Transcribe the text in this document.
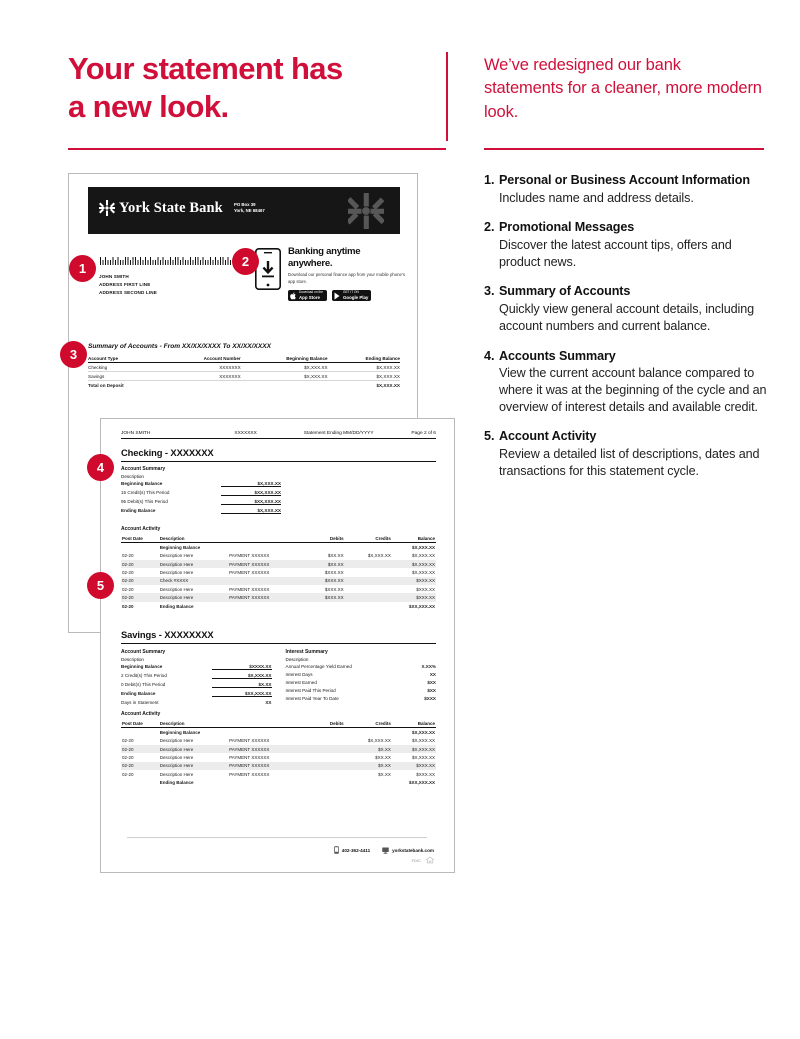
Your statement has
a new look.
We’ve redesigned our bank statements for a cleaner, more modern look.
1. Personal or Business Account Information
Includes name and address details.
2. Promotional Messages
Discover the latest account tips, offers and product news.
3. Summary of Accounts
Quickly view general account details, including account numbers and current balance.
4. Accounts Summary
View the current account balance compared to where it was at the beginning of the cycle and an overview of interest details and available credit.
5. Account Activity
Review a detailed list of descriptions, dates and transactions for this statement cycle.
York State Bank	PO Box 39
York, NE 68467
JOHN SMITH
ADDRESS FIRST LINE
ADDRESS SECOND LINE
Banking anytime anywhere.
Download our personal finance app from your mobile phone’s app store.
Download on the
App Store
GET IT ON
Google Play
Summary of Accounts - From XX/XX/XXXX To XX/XX/XXXX
Account Type	Account Number	Beginning Balance	Ending Balance
Checking	XXXXXXX	$X,XXX.XX	$X,XXX.XX
Savings	XXXXXXX	$X,XXX.XX	$X,XXX.XX
Total on Deposit			$X,XXX.XX
JOHN SMITH	XXXXXXX	Statement Ending MM/DD/YYYY	Page 2 of 6
Checking - XXXXXXX
Account Summary
Description
Beginning Balance	$X,XXX.XX
15 Credit(s) This Period	$XX,XXX.XX
95 Debit(s) This Period	$XX,XXX.XX
Ending Balance	$X,XXX.XX
Account Activity
Post Date	Description		Debits	Credits	Balance
	Beginning Balance				$X,XXX.XX
02-20	Description Here	PAYMENT XXXXXX	$XX.XX	$X,XXX.XX	$X,XXX.XX
02-20	Description Here	PAYMENT XXXXXX	$XX.XX		$X,XXX.XX
02-20	Description Here	PAYMENT XXXXXX	$XXX.XX		$X,XXX.XX
02-20	Check #XXXX		$XXX.XX		$XXX.XX
02-20	Description Here	PAYMENT XXXXXX	$XXX.XX		$XXX.XX
02-20	Description Here	PAYMENT XXXXXX	$XXX.XX		$XXX.XX
02-20	Ending Balance				$XX,XXX.XX
Savings - XXXXXXXX
Account Summary
Description
Beginning Balance	$XXXX.XX
2 Credit(s) This Period	$X,XXX.XX
0 Debit(s) This Period	$X.XX
Ending Balance	$XX,XXX.XX
Days in Statement	XX
Interest Summary
Description
Annual Percentage Yield Earned	X.XX%
Interest Days	XX
Interest Earned	$XX
Interest Paid This Period	$XX
Interest Paid Year To Date	$XXX
Account Activity
Post Date	Description		Debits	Credits	Balance
	Beginning Balance				$X,XXX.XX
02-20	Description Here	PAYMENT XXXXXX		$X,XXX.XX	$X,XXX.XX
02-20	Description Here	PAYMENT XXXXXX		$X.XX	$X,XXX.XX
02-20	Description Here	PAYMENT XXXXXX		$XX.XX	$X,XXX.XX
02-20	Description Here	PAYMENT XXXXXX		$X.XX	$XXX.XX
02-20	Description Here	PAYMENT XXXXXX		$X.XX	$XXX.XX
	Ending Balance				$XX,XXX.XX
402-362-4411	yorkstatebank.com
FDIC
1	2
3
4
5
